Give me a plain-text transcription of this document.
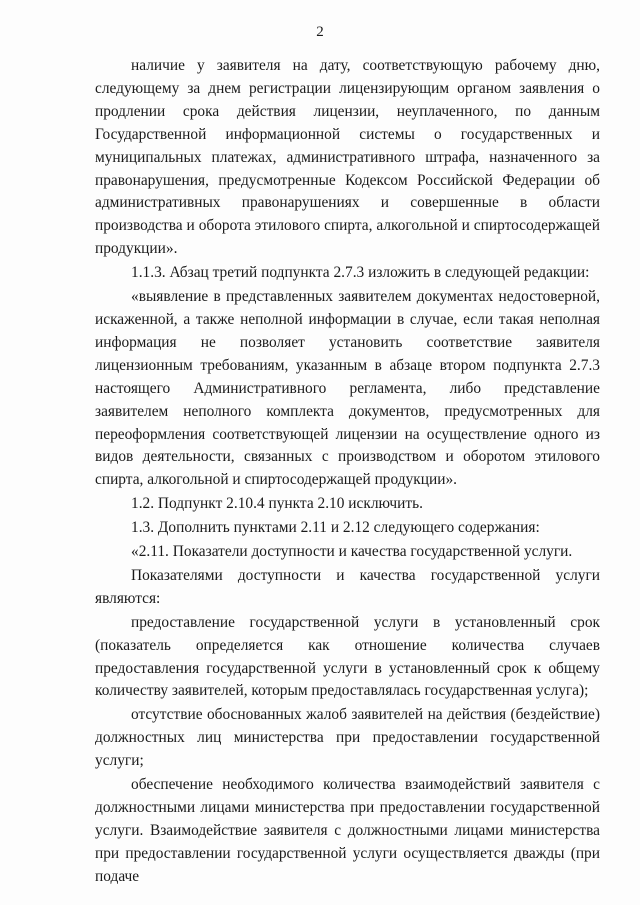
2

наличие у заявителя на дату, соответствующую рабочему дню, следующему за днем регистрации лицензирующим органом заявления о продлении срока действия лицензии, неуплаченного, по данным Государственной информационной системы о государственных и муниципальных платежах, административного штрафа, назначенного за правонарушения, предусмотренные Кодексом Российской Федерации об административных правонарушениях и совершенные в области производства и оборота этилового спирта, алкогольной и спиртосодержащей продукции».

1.1.3. Абзац третий подпункта 2.7.3 изложить в следующей редакции:

«выявление в представленных заявителем документах недостоверной, искаженной, а также неполной информации в случае, если такая неполная информация не позволяет установить соответствие заявителя лицензионным требованиям, указанным в абзаце втором подпункта 2.7.3 настоящего Административного регламента, либо представление заявителем неполного комплекта документов, предусмотренных для переоформления соответствующей лицензии на осуществление одного из видов деятельности, связанных с производством и оборотом этилового спирта, алкогольной и спиртосодержащей продукции».

1.2. Подпункт 2.10.4 пункта 2.10 исключить.

1.3. Дополнить пунктами 2.11 и 2.12 следующего содержания:

«2.11. Показатели доступности и качества государственной услуги.

Показателями доступности и качества государственной услуги являются:

предоставление государственной услуги в установленный срок (показатель определяется как отношение количества случаев предоставления государственной услуги в установленный срок к общему количеству заявителей, которым предоставлялась государственная услуга);

отсутствие обоснованных жалоб заявителей на действия (бездействие) должностных лиц министерства при предоставлении государственной услуги;

обеспечение необходимого количества взаимодействий заявителя с должностными лицами министерства при предоставлении государственной услуги. Взаимодействие заявителя с должностными лицами министерства при предоставлении государственной услуги осуществляется дважды (при подаче
